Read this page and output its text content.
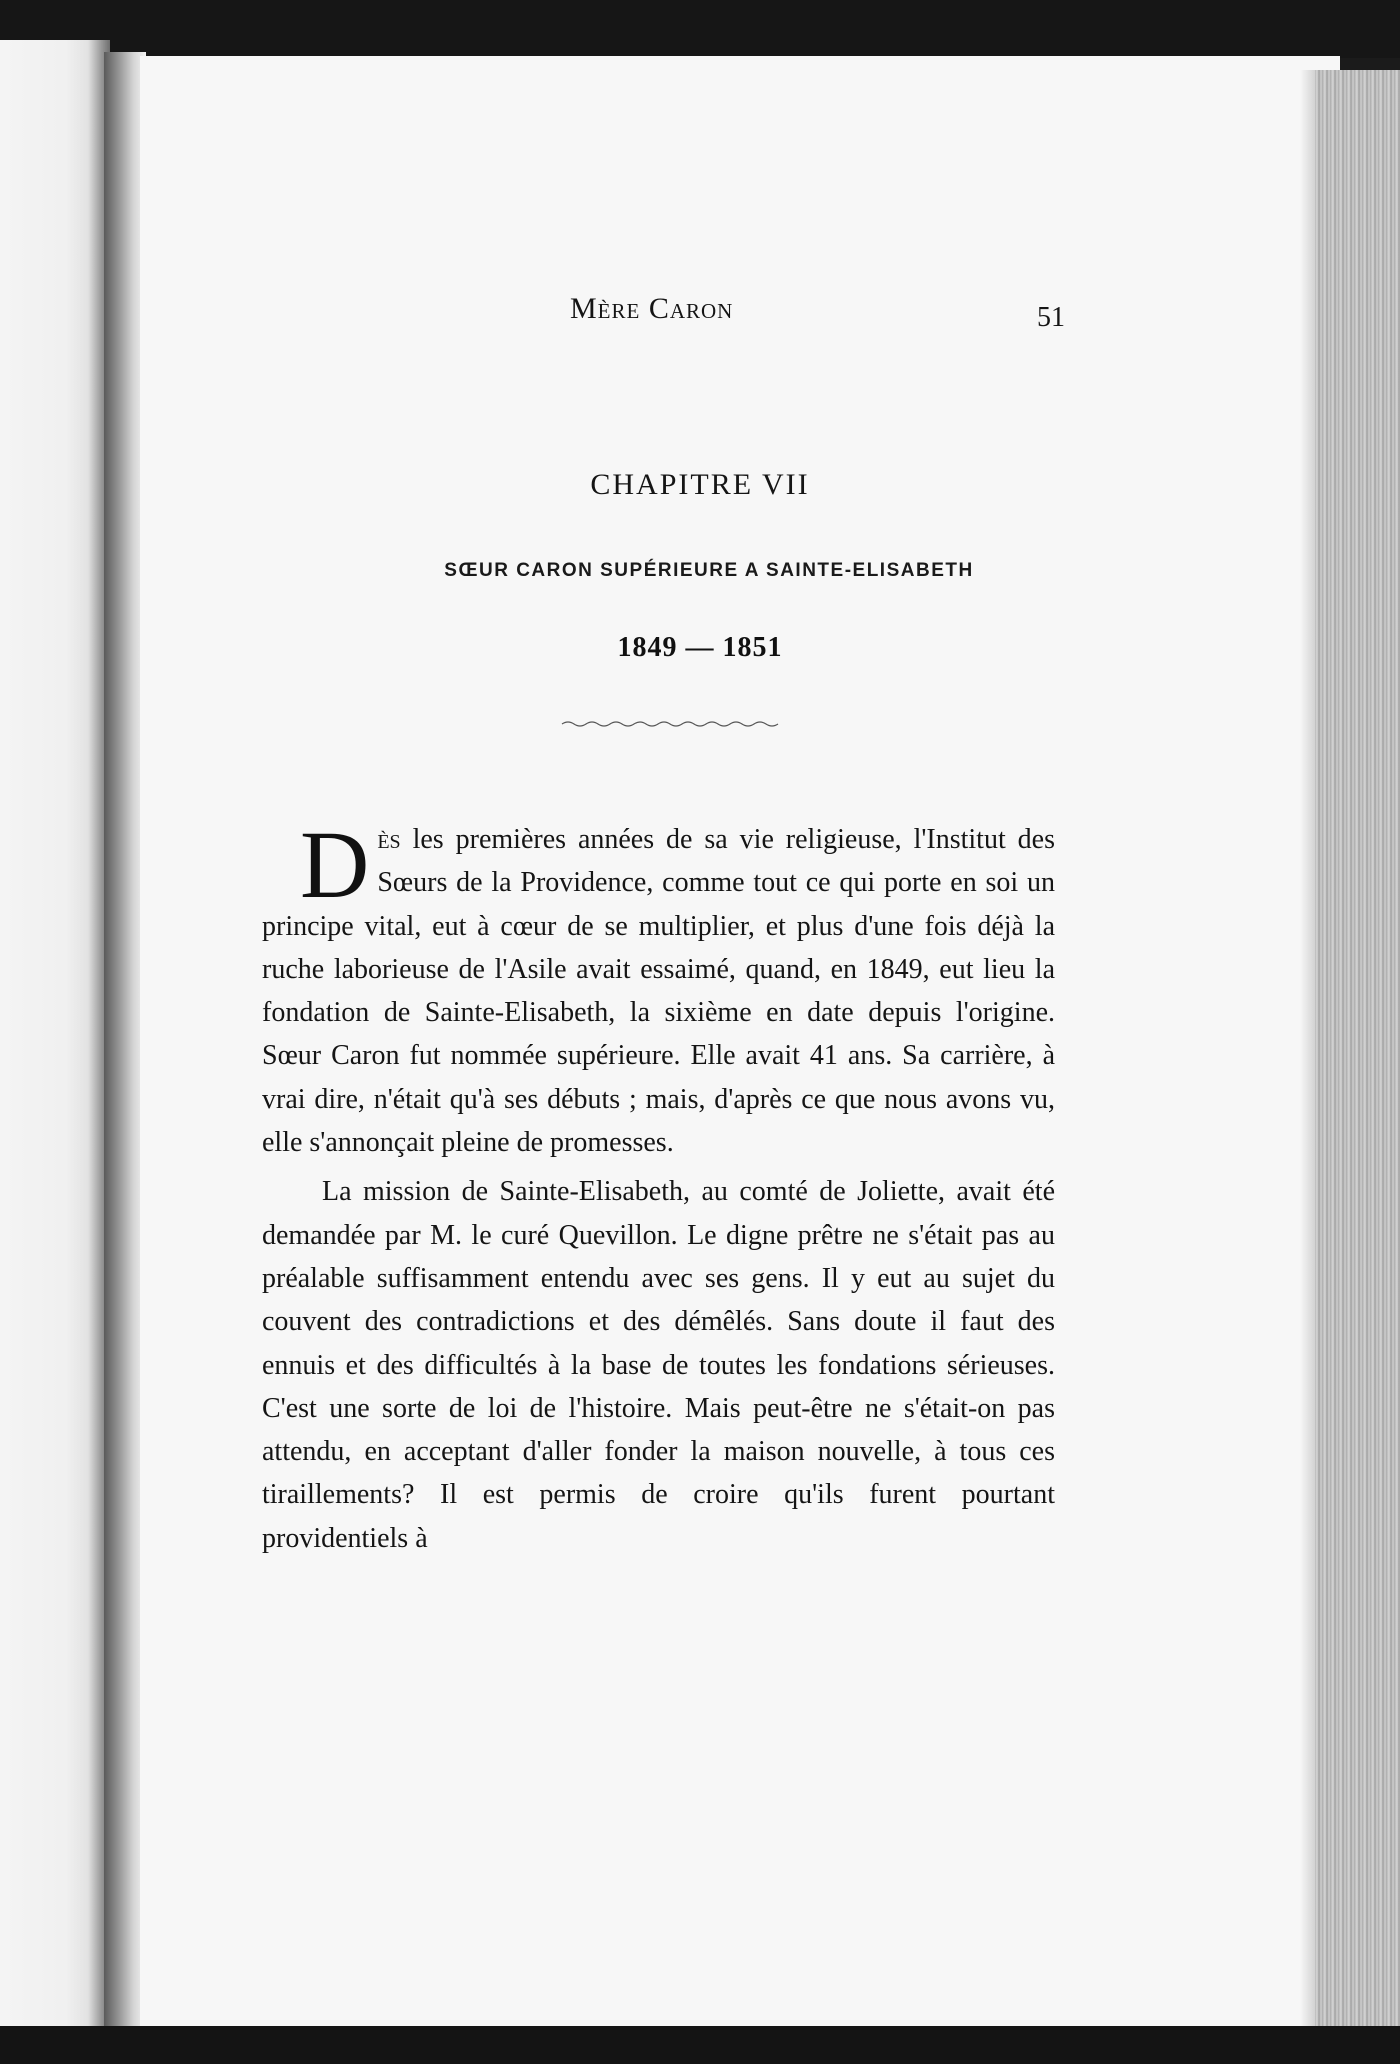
Mère Caron	51
CHAPITRE VII
SŒUR CARON SUPÉRIEURE A SAINTE-ELISABETH
1849 — 1851

Dès les premières années de sa vie religieuse, l'Institut des Sœurs de la Providence, comme tout ce qui porte en soi un principe vital, eut à cœur de se multiplier, et plus d'une fois déjà la ruche laborieuse de l'Asile avait essaimé, quand, en 1849, eut lieu la fondation de Sainte-Elisabeth, la sixième en date depuis l'origine. Sœur Caron fut nommée supérieure. Elle avait 41 ans. Sa carrière, à vrai dire, n'était qu'à ses débuts ; mais, d'après ce que nous avons vu, elle s'annonçait pleine de promesses.

La mission de Sainte-Elisabeth, au comté de Joliette, avait été demandée par M. le curé Quevillon. Le digne prêtre ne s'était pas au préalable suffisamment entendu avec ses gens. Il y eut au sujet du couvent des contradictions et des démêlés. Sans doute il faut des ennuis et des difficultés à la base de toutes les fondations sérieuses. C'est une sorte de loi de l'histoire. Mais peut-être ne s'était-on pas attendu, en acceptant d'aller fonder la maison nouvelle, à tous ces tiraillements? Il est permis de croire qu'ils furent pourtant providentiels à
